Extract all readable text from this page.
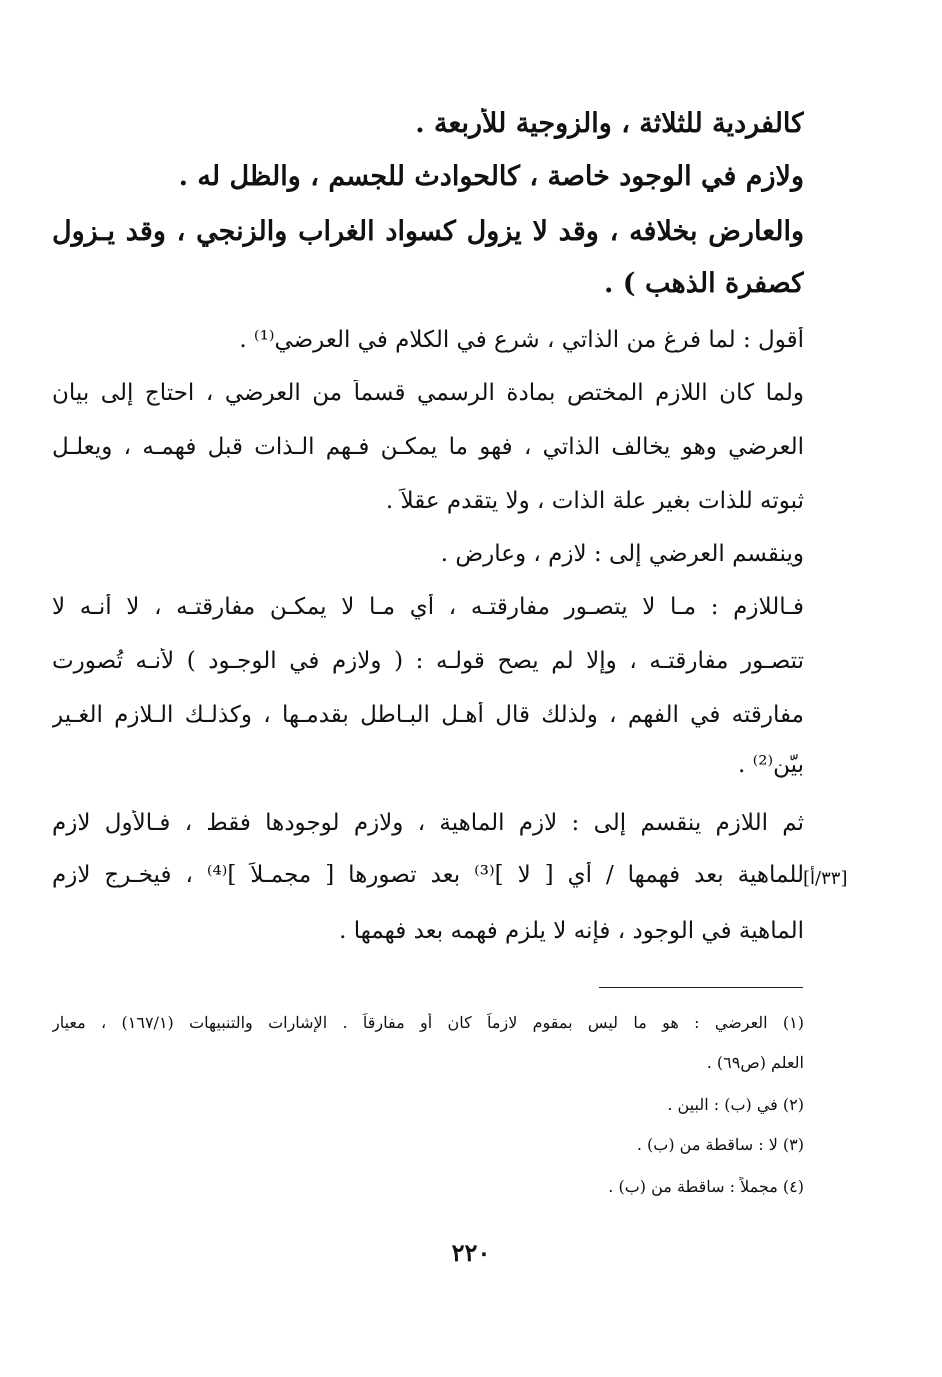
كالفردية للثلاثة ، والزوجية للأربعة .
ولازم في الوجود خاصة ، كالحوادث للجسم ، والظل له .
والعارض بخلافه ، وقد لا يزول كسواد الغراب والزنجي ، وقد يـزول
كصفرة الذهب ) .
أقول : لما فرغ من الذاتي ، شرع في الكلام في العرضي⁽¹⁾ .
ولما كان اللازم المختص بمادة الرسمي قسماً من العرضي ، احتاج إلى بيان
العرضي وهو يخالف الذاتي ، فهو ما يمكـن فـهم الـذات قبل فهمـه ، ويعلـل
ثبوته للذات بغير علة الذات ، ولا يتقدم عقلاً .
وينقسم العرضي إلى : لازم ، وعارض .
فـاللازم : مـا لا يتصـور مفارقتـه ، أي مـا لا يمكـن مفارقتـه ، لا أنـه لا
تتصـور مفارقتـه ، وإلا لم يصح قولـه : ( ولازم في الوجـود ) لأنـه تُصورت
مفارقته في الفهم ، ولذلك قال أهـل البـاطل بقدمـها ، وكذلـك الـلازم الغـير
بيّن⁽²⁾ .
ثم اللازم ينقسم إلى : لازم الماهية ، ولازم لوجودها فقط ، فـالأول لازم
للماهية بعد فهمها / أي [ لا ]⁽³⁾ بعد تصورها [ مجمـلاً ]⁽⁴⁾ ، فيخـرج لازم
الماهية في الوجود ، فإنه لا يلزم فهمه بعد فهمها .
[٣٣/أ]
(١) العرضي : هو ما ليس بمقوم لازماً كان أو مفارقاً . الإشارات والتنبيهات (١٦٧/١) ، معيار
العلم (ص٦٩) .
(٢) في (ب) : البين .
(٣) لا : ساقطة من (ب) .
(٤) مجملاً : ساقطة من (ب) .
٢٢٠
